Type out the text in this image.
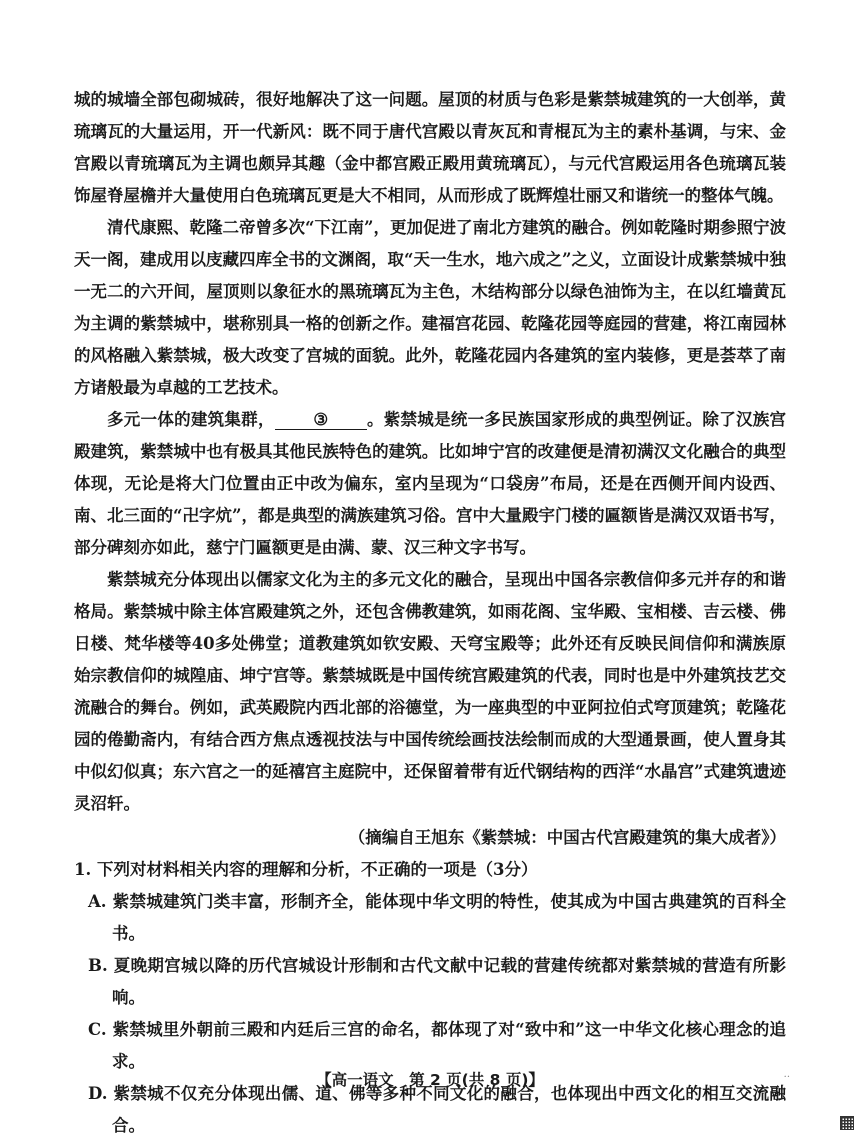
城的城墙全部包砌城砖，很好地解决了这一问题。屋顶的材质与色彩是紫禁城建筑的一大创举，黄琉璃瓦的大量运用，开一代新风：既不同于唐代宫殿以青灰瓦和青棍瓦为主的素朴基调，与宋、金宫殿以青琉璃瓦为主调也颇异其趣（金中都宫殿正殿用黄琉璃瓦），与元代宫殿运用各色琉璃瓦装饰屋脊屋檐并大量使用白色琉璃瓦更是大不相同，从而形成了既辉煌壮丽又和谐统一的整体气魄。

清代康熙、乾隆二帝曾多次“下江南”，更加促进了南北方建筑的融合。例如乾隆时期参照宁波天一阁，建成用以庋藏四库全书的文渊阁，取“天一生水，地六成之”之义，立面设计成紫禁城中独一无二的六开间，屋顶则以象征水的黑琉璃瓦为主色，木结构部分以绿色油饰为主，在以红墙黄瓦为主调的紫禁城中，堪称别具一格的创新之作。建福宫花园、乾隆花园等庭园的营建，将江南园林的风格融入紫禁城，极大改变了宫城的面貌。此外，乾隆花园内各建筑的室内装修，更是荟萃了南方诸般最为卓越的工艺技术。

多元一体的建筑集群， ③ 。紫禁城是统一多民族国家形成的典型例证。除了汉族宫殿建筑，紫禁城中也有极具其他民族特色的建筑。比如坤宁宫的改建便是清初满汉文化融合的典型体现，无论是将大门位置由正中改为偏东，室内呈现为“口袋房”布局，还是在西侧开间内设西、南、北三面的“卍字炕”，都是典型的满族建筑习俗。宫中大量殿宇门楼的匾额皆是满汉双语书写，部分碑刻亦如此，慈宁门匾额更是由满、蒙、汉三种文字书写。

紫禁城充分体现出以儒家文化为主的多元文化的融合，呈现出中国各宗教信仰多元并存的和谐格局。紫禁城中除主体宫殿建筑之外，还包含佛教建筑，如雨花阁、宝华殿、宝相楼、吉云楼、佛日楼、梵华楼等40多处佛堂；道教建筑如钦安殿、天穹宝殿等；此外还有反映民间信仰和满族原始宗教信仰的城隍庙、坤宁宫等。紫禁城既是中国传统宫殿建筑的代表，同时也是中外建筑技艺交流融合的舞台。例如，武英殿院内西北部的浴德堂，为一座典型的中亚阿拉伯式穹顶建筑；乾隆花园的倦勤斋内，有结合西方焦点透视技法与中国传统绘画技法绘制而成的大型通景画，使人置身其中似幻似真；东六宫之一的延禧宫主庭院中，还保留着带有近代钢结构的西洋“水晶宫”式建筑遗迹灵沼轩。

（摘编自王旭东《紫禁城：中国古代宫殿建筑的集大成者》）

1. 下列对材料相关内容的理解和分析，不正确的一项是（3分）

A. 紫禁城建筑门类丰富，形制齐全，能体现中华文明的特性，使其成为中国古典建筑的百科全书。

B. 夏晚期宫城以降的历代宫城设计形制和古代文献中记载的营建传统都对紫禁城的营造有所影响。

C. 紫禁城里外朝前三殿和内廷后三宫的命名，都体现了对“致中和”这一中华文化核心理念的追求。

D. 紫禁城不仅充分体现出儒、道、佛等多种不同文化的融合，也体现出中西文化的相互交流融合。

【高一语文　第 2 页(共 8 页)】	··
